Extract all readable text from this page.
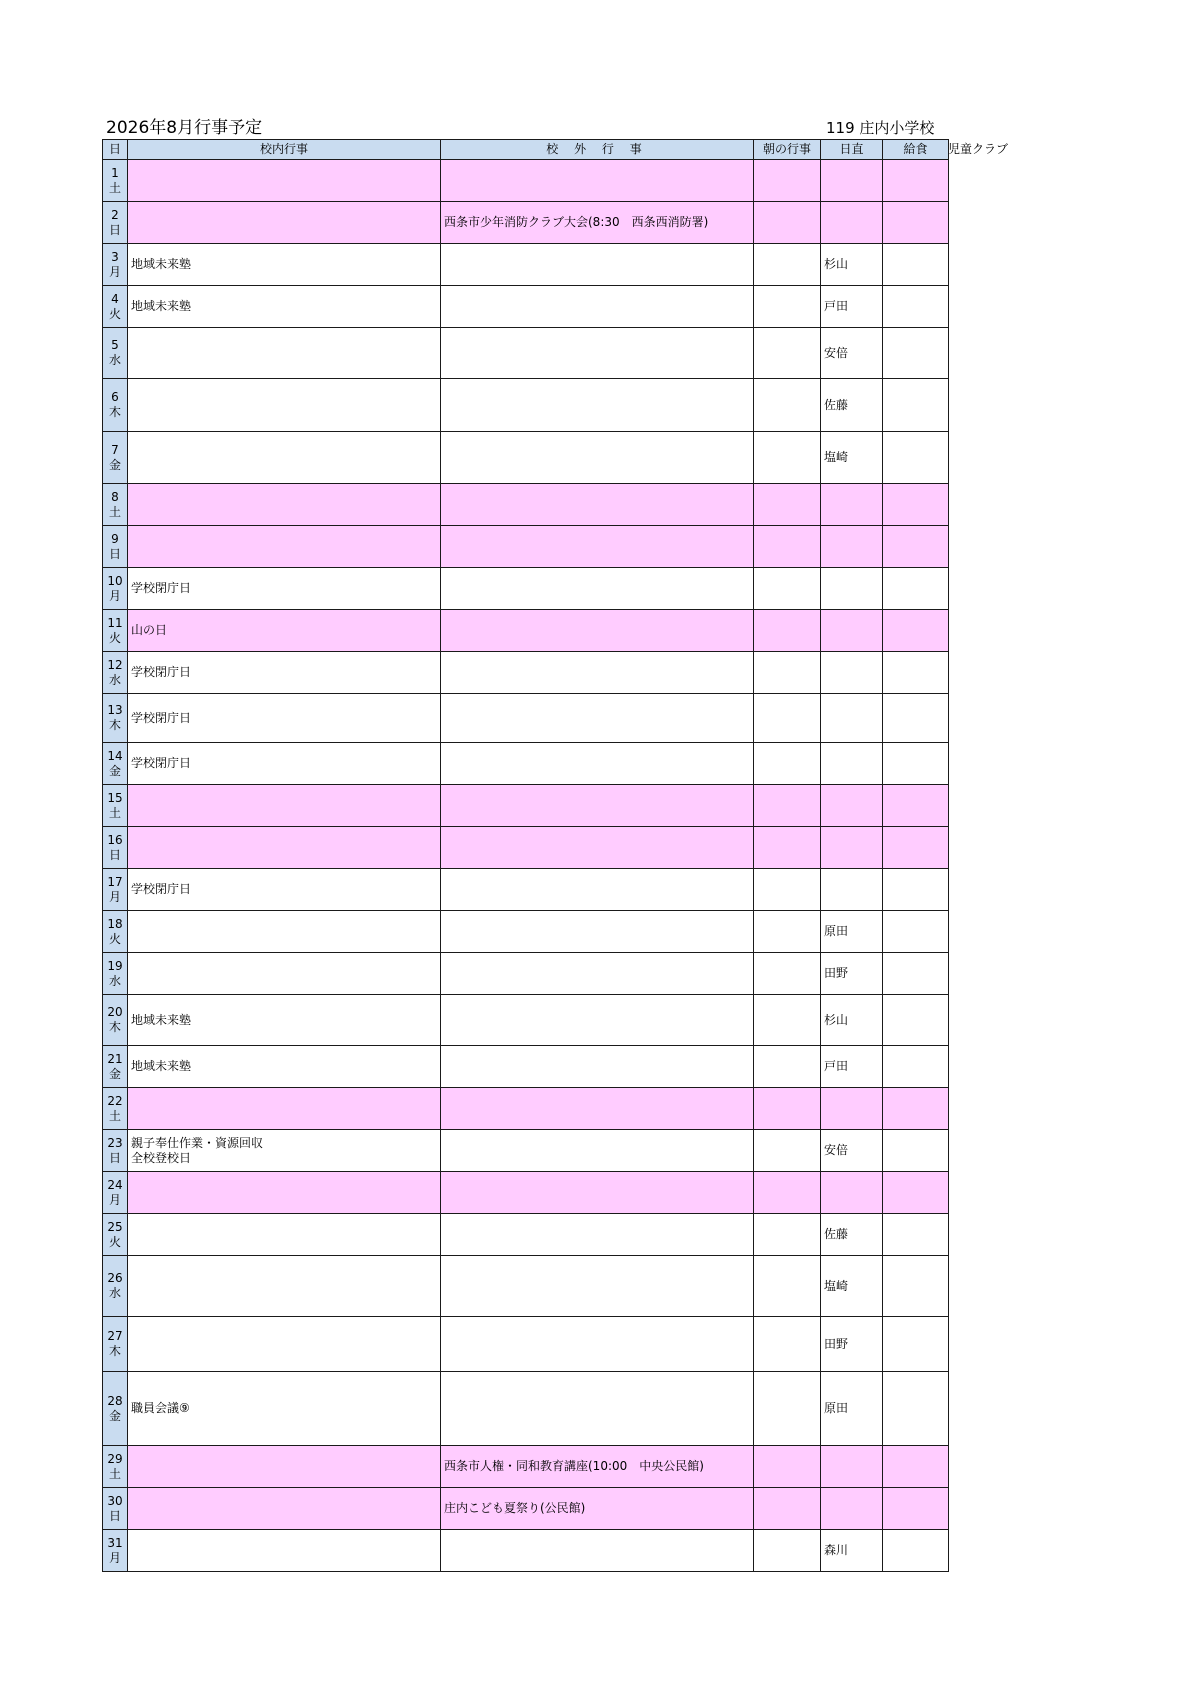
2026年8月行事予定	119 庄内小学校
児童クラブ
日	校内行事	校 外 行 事	朝の行事	日直	給食

1
土					

2
日		西条市少年消防クラブ大会(8:30　西条西消防署)			

3
月	地域未来塾			杉山	

4
火	地域未来塾			戸田	

5
水				安倍	

6
木				佐藤	

7
金				塩崎	

8
土					

9
日					

10
月	学校閉庁日				

11
火	山の日				

12
水	学校閉庁日				

13
木	学校閉庁日				

14
金	学校閉庁日				

15
土					

16
日					

17
月	学校閉庁日				

18
火				原田	

19
水				田野	

20
木	地域未来塾			杉山	

21
金	地域未来塾			戸田	

22
土					

23
日	親子奉仕作業・資源回収
全校登校日			安倍	

24
月					

25
火				佐藤	

26
水				塩崎	

27
木				田野	

28
金	職員会議⑨			原田	

29
土		西条市人権・同和教育講座(10:00　中央公民館)			

30
日		庄内こども夏祭り(公民館)			

31
月				森川	
